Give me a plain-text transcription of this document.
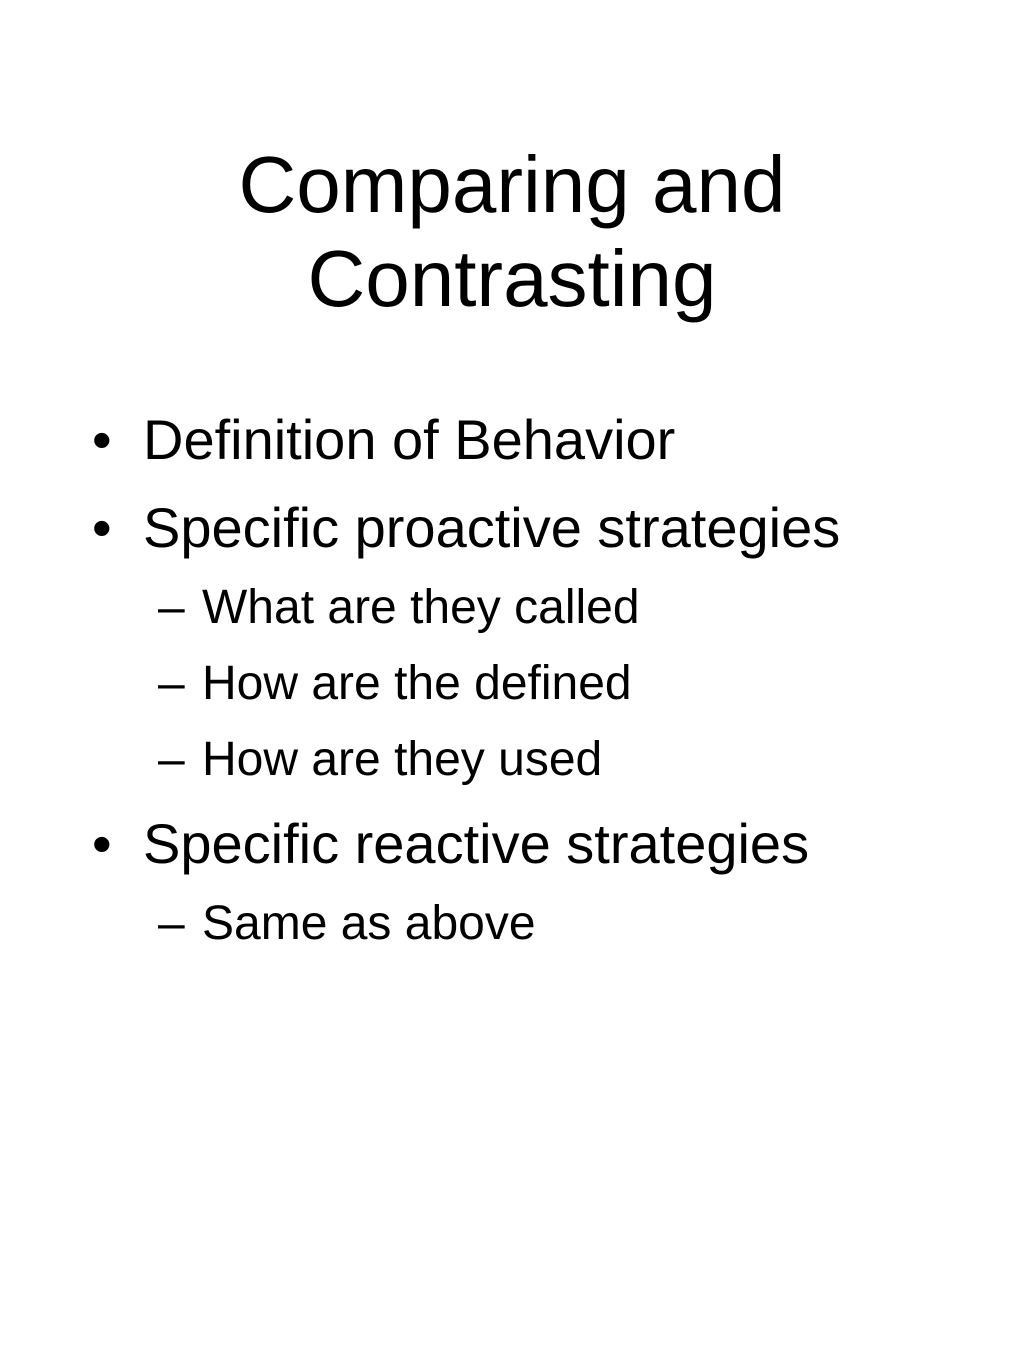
Comparing and
Contrasting
• Definition of Behavior
• Specific proactive strategies
– What are they called
– How are the defined
– How are they used
• Specific reactive strategies
– Same as above
